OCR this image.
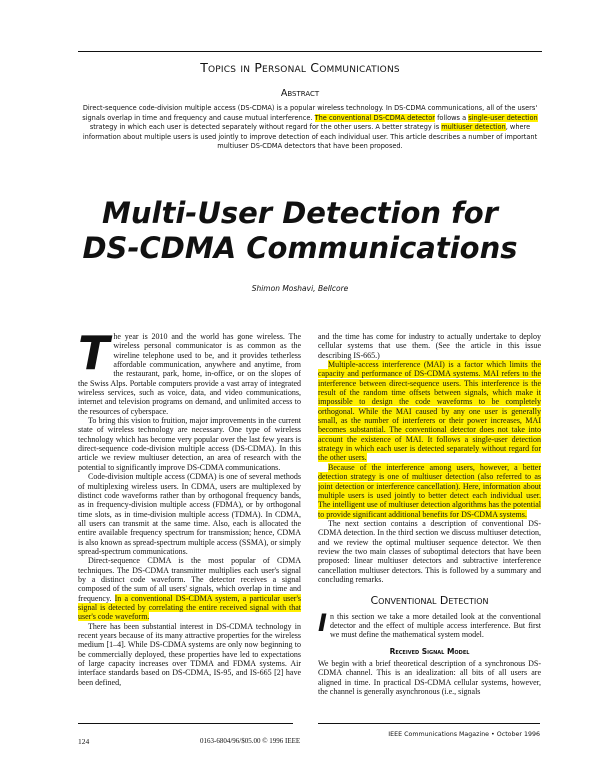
Topics in Personal Communications
Abstract
Direct-sequence code-division multiple access (DS-CDMA) is a popular wireless technology. In DS-CDMA communications, all of the users' signals overlap in time and frequency and cause mutual interference. The conventional DS-CDMA detector follows a single-user detection strategy in which each user is detected separately without regard for the other users. A better strategy is multiuser detection, where information about multiple users is used jointly to improve detection of each individual user. This article describes a number of important multiuser DS-CDMA detectors that have been proposed.
Multi-User Detection for
DS-CDMA Communications
Shimon Moshavi, Bellcore

The year is 2010 and the world has gone wireless. The wireless personal communicator is as common as the wireline telephone used to be, and it provides tetherless affordable communication, anywhere and anytime, from the restaurant, park, home, in-office, or on the slopes of the Swiss Alps. Portable computers provide a vast array of integrated wireless services, such as voice, data, and video communications, internet and television programs on demand, and unlimited access to the resources of cyberspace.

To bring this vision to fruition, major improvements in the current state of wireless technology are necessary. One type of wireless technology which has become very popular over the last few years is direct-sequence code-division multiple access (DS-CDMA). In this article we review multiuser detection, an area of research with the potential to significantly improve DS-CDMA communications.

Code-division multiple access (CDMA) is one of several methods of multiplexing wireless users. In CDMA, users are multiplexed by distinct code waveforms rather than by orthogonal frequency bands, as in frequency-division multiple access (FDMA), or by orthogonal time slots, as in time-division multiple access (TDMA). In CDMA, all users can transmit at the same time. Also, each is allocated the entire available frequency spectrum for transmission; hence, CDMA is also known as spread-spectrum multiple access (SSMA), or simply spread-spectrum communications.

Direct-sequence CDMA is the most popular of CDMA techniques. The DS-CDMA transmitter multiplies each user's signal by a distinct code waveform. The detector receives a signal composed of the sum of all users' signals, which overlap in time and frequency. In a conventional DS-CDMA system, a particular user's signal is detected by correlating the entire received signal with that user's code waveform.

There has been substantial interest in DS-CDMA technology in recent years because of its many attractive properties for the wireless medium [1–4]. While DS-CDMA systems are only now beginning to be commercially deployed, these properties have led to expectations of large capacity increases over TDMA and FDMA systems. Air interface standards based on DS-CDMA, IS-95, and IS-665 [2] have been defined,

and the time has come for industry to actually undertake to deploy cellular systems that use them. (See the article in this issue describing IS-665.)

Multiple-access interference (MAI) is a factor which limits the capacity and performance of DS-CDMA systems. MAI refers to the interference between direct-sequence users. This interference is the result of the random time offsets between signals, which make it impossible to design the code waveforms to be completely orthogonal. While the MAI caused by any one user is generally small, as the number of interferers or their power increases, MAI becomes substantial. The conventional detector does not take into account the existence of MAI. It follows a single-user detection strategy in which each user is detected separately without regard for the other users.

Because of the interference among users, however, a better detection strategy is one of multiuser detection (also referred to as joint detection or interference cancellation). Here, information about multiple users is used jointly to better detect each individual user. The intelligent use of multiuser detection algorithms has the potential to provide significant additional benefits for DS-CDMA systems.

The next section contains a description of conventional DS-CDMA detection. In the third section we discuss multiuser detection, and we review the optimal multiuser sequence detector. We then review the two main classes of suboptimal detectors that have been proposed: linear multiuser detectors and subtractive interference cancellation multiuser detectors. This is followed by a summary and concluding remarks.

Conventional Detection

In this section we take a more detailed look at the conventional detector and the effect of multiple access interference. But first we must define the mathematical system model.

Received Signal Model

We begin with a brief theoretical description of a synchronous DS-CDMA channel. This is an idealization: all bits of all users are aligned in time. In practical DS-CDMA cellular systems, however, the channel is generally asynchronous (i.e., signals

124	0163-6804/96/$05.00 © 1996 IEEE
IEEE Communications Magazine • October 1996
